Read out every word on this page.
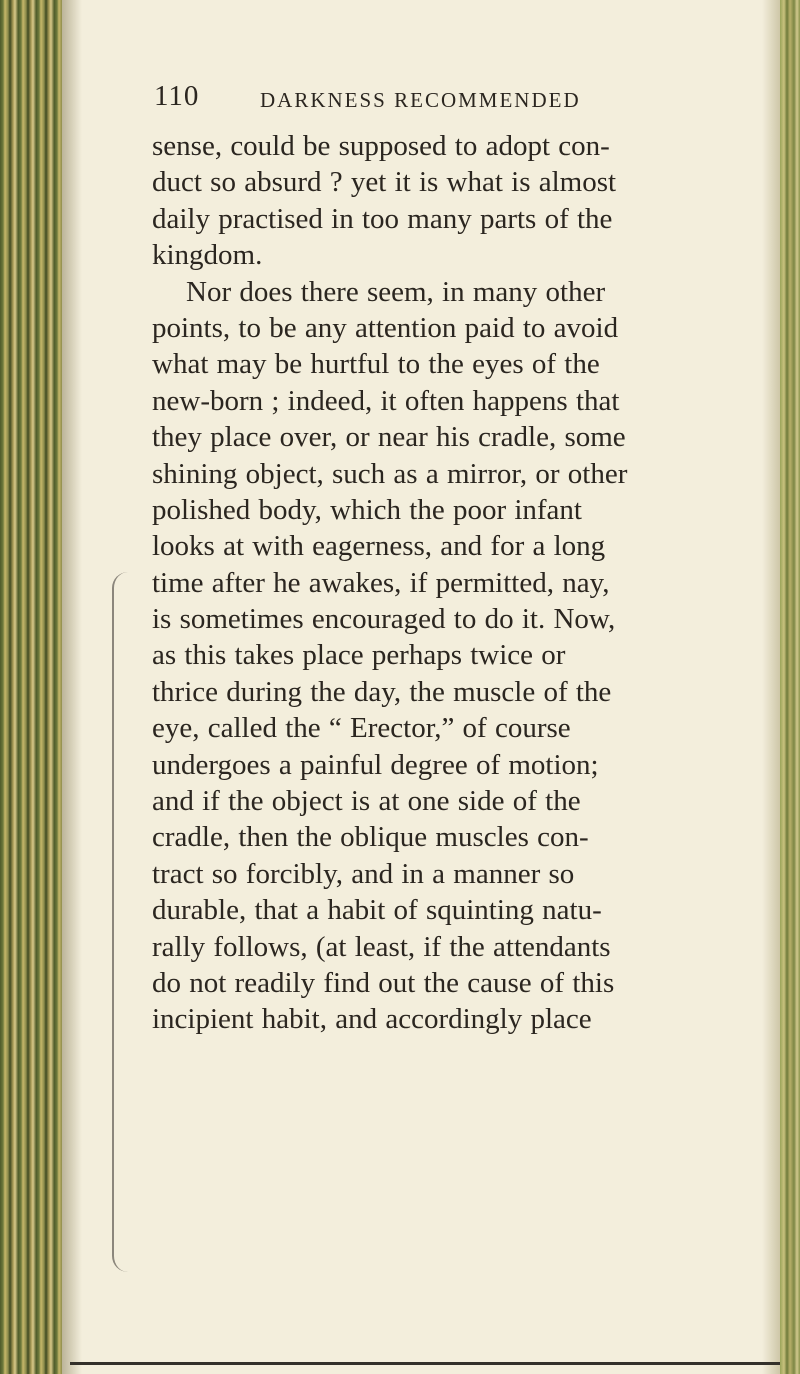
110	DARKNESS RECOMMENDED
sense, could be supposed to adopt con-
duct so absurd ? yet it is what is almost
daily practised in too many parts of the
kingdom.
Nor does there seem, in many other
points, to be any attention paid to avoid
what may be hurtful to the eyes of the
new-born ; indeed, it often happens that
they place over, or near his cradle, some
shining object, such as a mirror, or other
polished body, which the poor infant
looks at with eagerness, and for a long
time after he awakes, if permitted, nay,
is sometimes encouraged to do it. Now,
as this takes place perhaps twice or
thrice during the day, the muscle of the
eye, called the “ Erector,” of course
undergoes a painful degree of motion;
and if the object is at one side of the
cradle, then the oblique muscles con-
tract so forcibly, and in a manner so
durable, that a habit of squinting natu-
rally follows, (at least, if the attendants
do not readily find out the cause of this
incipient habit, and accordingly place
